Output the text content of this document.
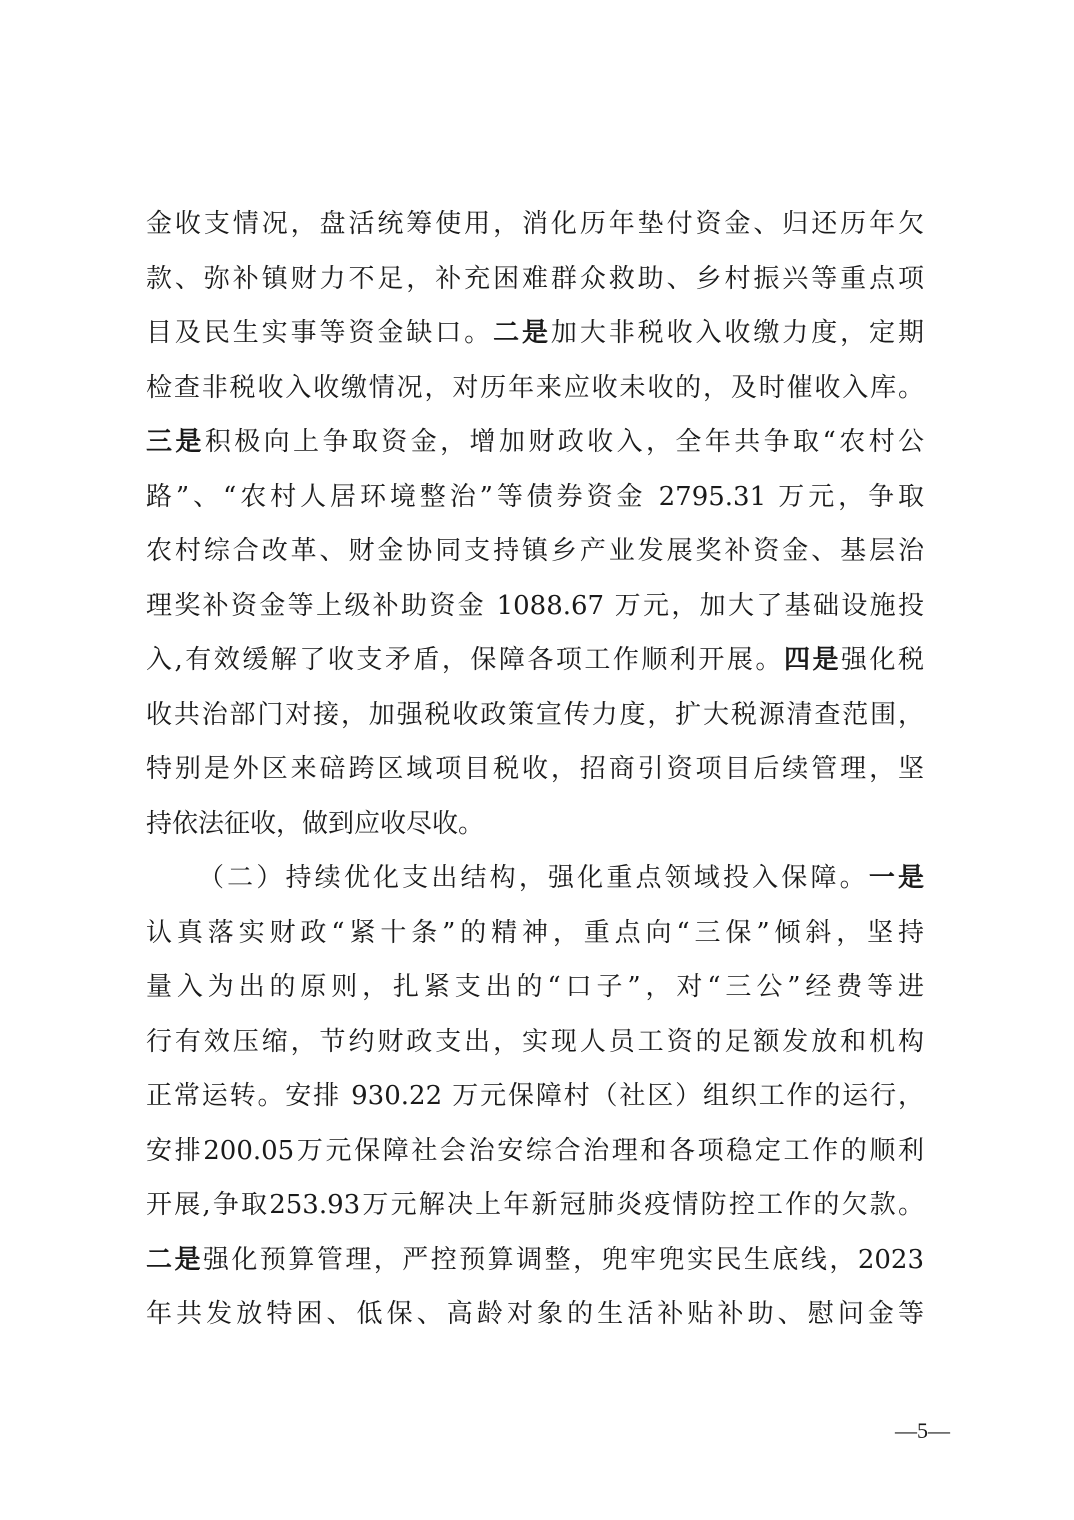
金收支情况，盘活统筹使用，消化历年垫付资金、归还历年欠
款、弥补镇财力不足，补充困难群众救助、乡村振兴等重点项
目及民生实事等资金缺口。二是加大非税收入收缴力度，定期
检查非税收入收缴情况，对历年来应收未收的，及时催收入库。
三是积极向上争取资金，增加财政收入，全年共争取“农村公
路”、“农村人居环境整治”等债券资金 2795.31 万元，争取
农村综合改革、财金协同支持镇乡产业发展奖补资金、基层治
理奖补资金等上级补助资金 1088.67 万元，加大了基础设施投
入,有效缓解了收支矛盾，保障各项工作顺利开展。四是强化税
收共治部门对接，加强税收政策宣传力度，扩大税源清查范围，
特别是外区来碚跨区域项目税收，招商引资项目后续管理，坚
持依法征收，做到应收尽收。
（二）持续优化支出结构，强化重点领域投入保障。一是
认真落实财政“紧十条”的精神，重点向“三保”倾斜，坚持
量入为出的原则，扎紧支出的“口子”，对“三公”经费等进
行有效压缩，节约财政支出，实现人员工资的足额发放和机构
正常运转。安排 930.22 万元保障村（社区）组织工作的运行，
安排200.05万元保障社会治安综合治理和各项稳定工作的顺利
开展,争取253.93万元解决上年新冠肺炎疫情防控工作的欠款。
二是强化预算管理，严控预算调整，兜牢兜实民生底线，2023
年共发放特困、低保、高龄对象的生活补贴补助、慰问金等
—5—
